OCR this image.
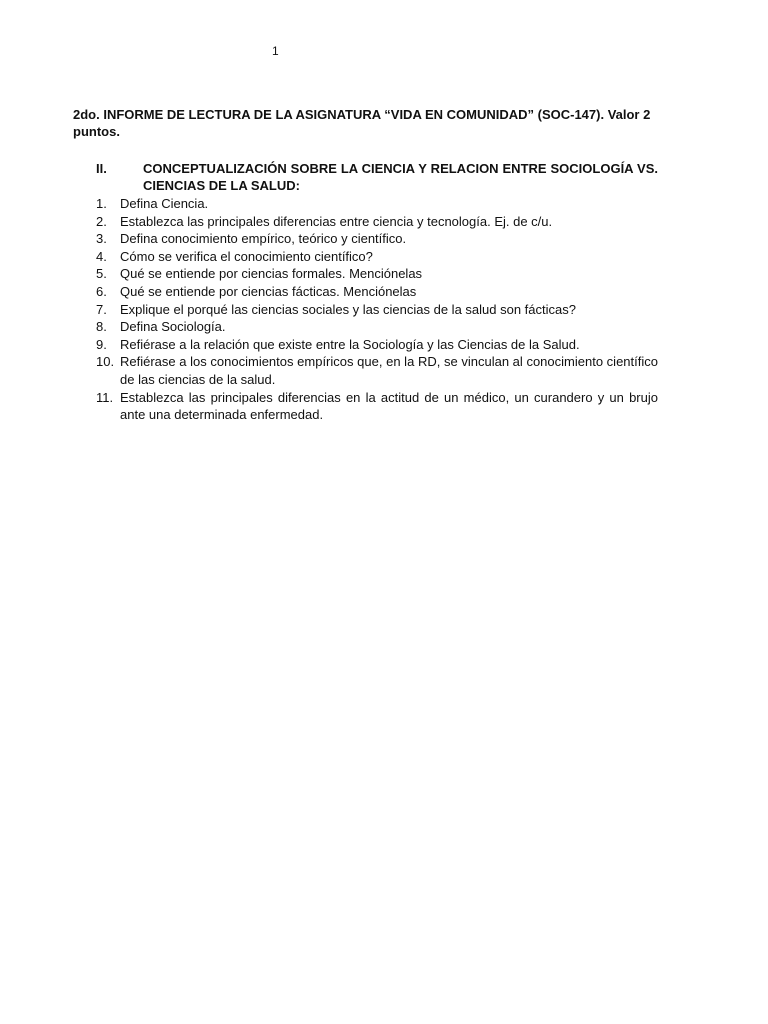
1

2do. INFORME DE LECTURA DE LA ASIGNATURA “VIDA EN COMUNIDAD” (SOC-147). Valor 2 puntos.

II.	CONCEPTUALIZACIÓN SOBRE LA CIENCIA Y RELACION ENTRE SOCIOLOGÍA VS. CIENCIAS DE LA SALUD:

1.	Defina Ciencia.
2.	Establezca las principales diferencias entre ciencia y tecnología. Ej. de c/u.
3.	Defina conocimiento empírico, teórico y científico.
4.	Cómo se verifica el conocimiento científico?
5.	Qué se entiende por ciencias formales. Menciónelas
6.	Qué se entiende por ciencias fácticas. Menciónelas
7.	Explique el porqué las ciencias sociales y las ciencias de la salud son fácticas?
8.	Defina Sociología.
9.	Refiérase a la relación que existe entre la Sociología y las Ciencias de la Salud.
10. Refiérase a los conocimientos empíricos que, en la RD, se vinculan al conocimiento científico de las ciencias de la salud.
11. Establezca las principales diferencias en la actitud de un médico, un curandero y un brujo ante una determinada enfermedad.
